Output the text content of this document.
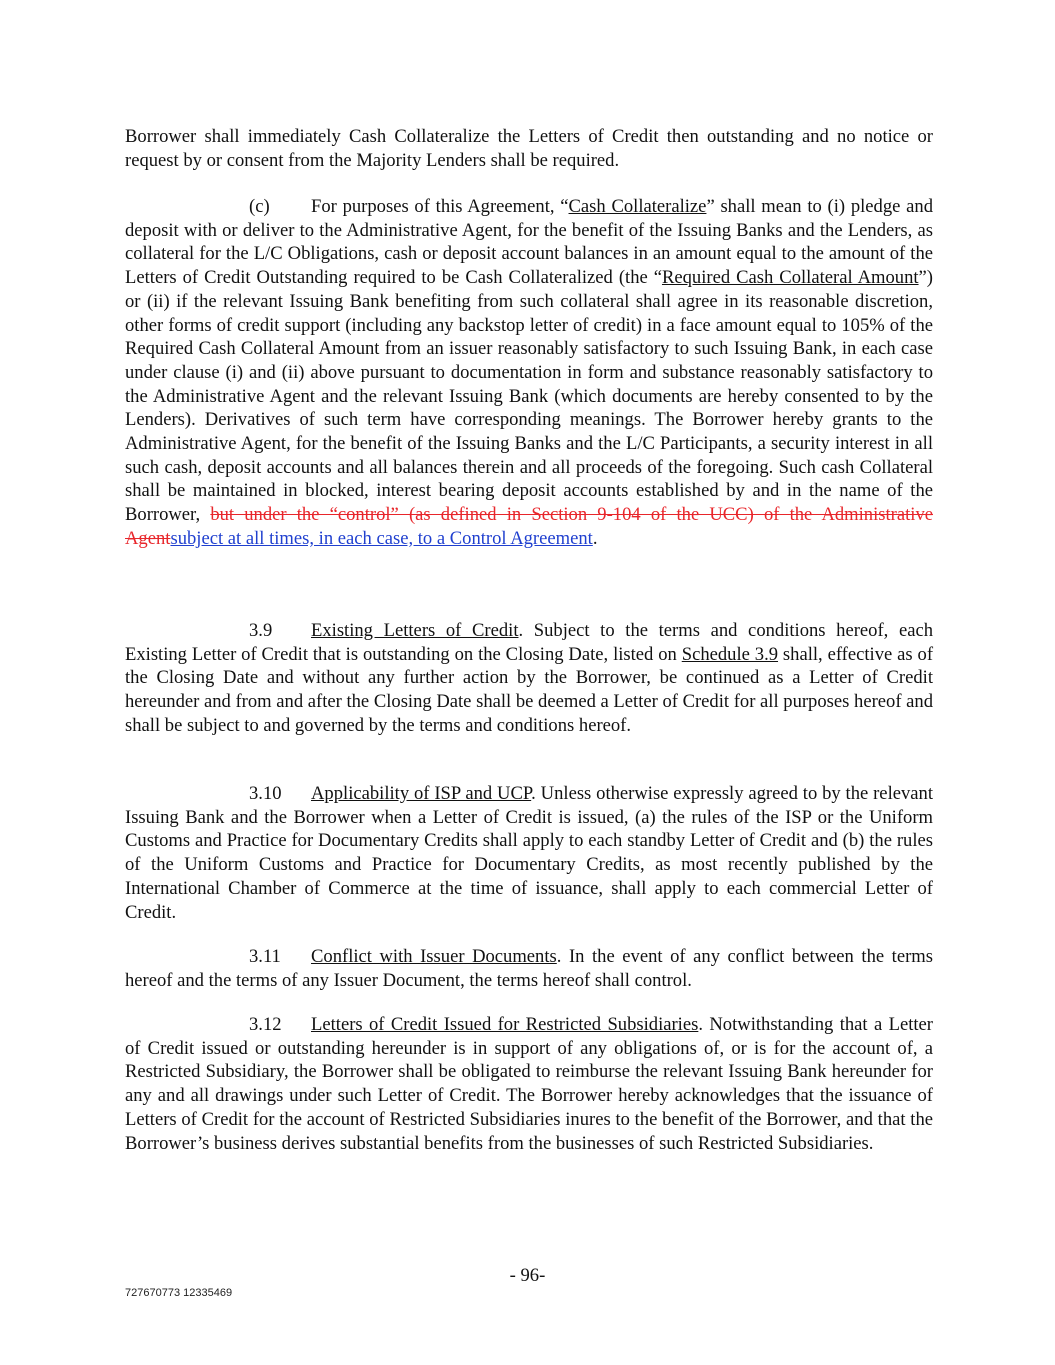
Borrower shall immediately Cash Collateralize the Letters of Credit then outstanding and no notice or request by or consent from the Majority Lenders shall be required.

(c) For purposes of this Agreement, “Cash Collateralize” shall mean to (i) pledge and deposit with or deliver to the Administrative Agent, for the benefit of the Issuing Banks and the Lenders, as collateral for the L/C Obligations, cash or deposit account balances in an amount equal to the amount of the Letters of Credit Outstanding required to be Cash Collateralized (the “Required Cash Collateral Amount”) or (ii) if the relevant Issuing Bank benefiting from such collateral shall agree in its reasonable discretion, other forms of credit support (including any backstop letter of credit) in a face amount equal to 105% of the Required Cash Collateral Amount from an issuer reasonably satisfactory to such Issuing Bank, in each case under clause (i) and (ii) above pursuant to documentation in form and substance reasonably satisfactory to the Administrative Agent and the relevant Issuing Bank (which documents are hereby consented to by the Lenders). Derivatives of such term have corresponding meanings. The Borrower hereby grants to the Administrative Agent, for the benefit of the Issuing Banks and the L/C Participants, a security interest in all such cash, deposit accounts and all balances therein and all proceeds of the foregoing. Such cash Collateral shall be maintained in blocked, interest bearing deposit accounts established by and in the name of the Borrower, but under the “control” (as defined in Section 9-104 of the UCC) of the Administrative Agentsubject at all times, in each case, to a Control Agreement.

3.9 Existing Letters of Credit. Subject to the terms and conditions hereof, each Existing Letter of Credit that is outstanding on the Closing Date, listed on Schedule 3.9 shall, effective as of the Closing Date and without any further action by the Borrower, be continued as a Letter of Credit hereunder and from and after the Closing Date shall be deemed a Letter of Credit for all purposes hereof and shall be subject to and governed by the terms and conditions hereof.

3.10 Applicability of ISP and UCP. Unless otherwise expressly agreed to by the relevant Issuing Bank and the Borrower when a Letter of Credit is issued, (a) the rules of the ISP or the Uniform Customs and Practice for Documentary Credits shall apply to each standby Letter of Credit and (b) the rules of the Uniform Customs and Practice for Documentary Credits, as most recently published by the International Chamber of Commerce at the time of issuance, shall apply to each commercial Letter of Credit.

3.11 Conflict with Issuer Documents. In the event of any conflict between the terms hereof and the terms of any Issuer Document, the terms hereof shall control.

3.12 Letters of Credit Issued for Restricted Subsidiaries. Notwithstanding that a Letter of Credit issued or outstanding hereunder is in support of any obligations of, or is for the account of, a Restricted Subsidiary, the Borrower shall be obligated to reimburse the relevant Issuing Bank hereunder for any and all drawings under such Letter of Credit. The Borrower hereby acknowledges that the issuance of Letters of Credit for the account of Restricted Subsidiaries inures to the benefit of the Borrower, and that the Borrower’s business derives substantial benefits from the businesses of such Restricted Subsidiaries.

- 96-
727670773 12335469
